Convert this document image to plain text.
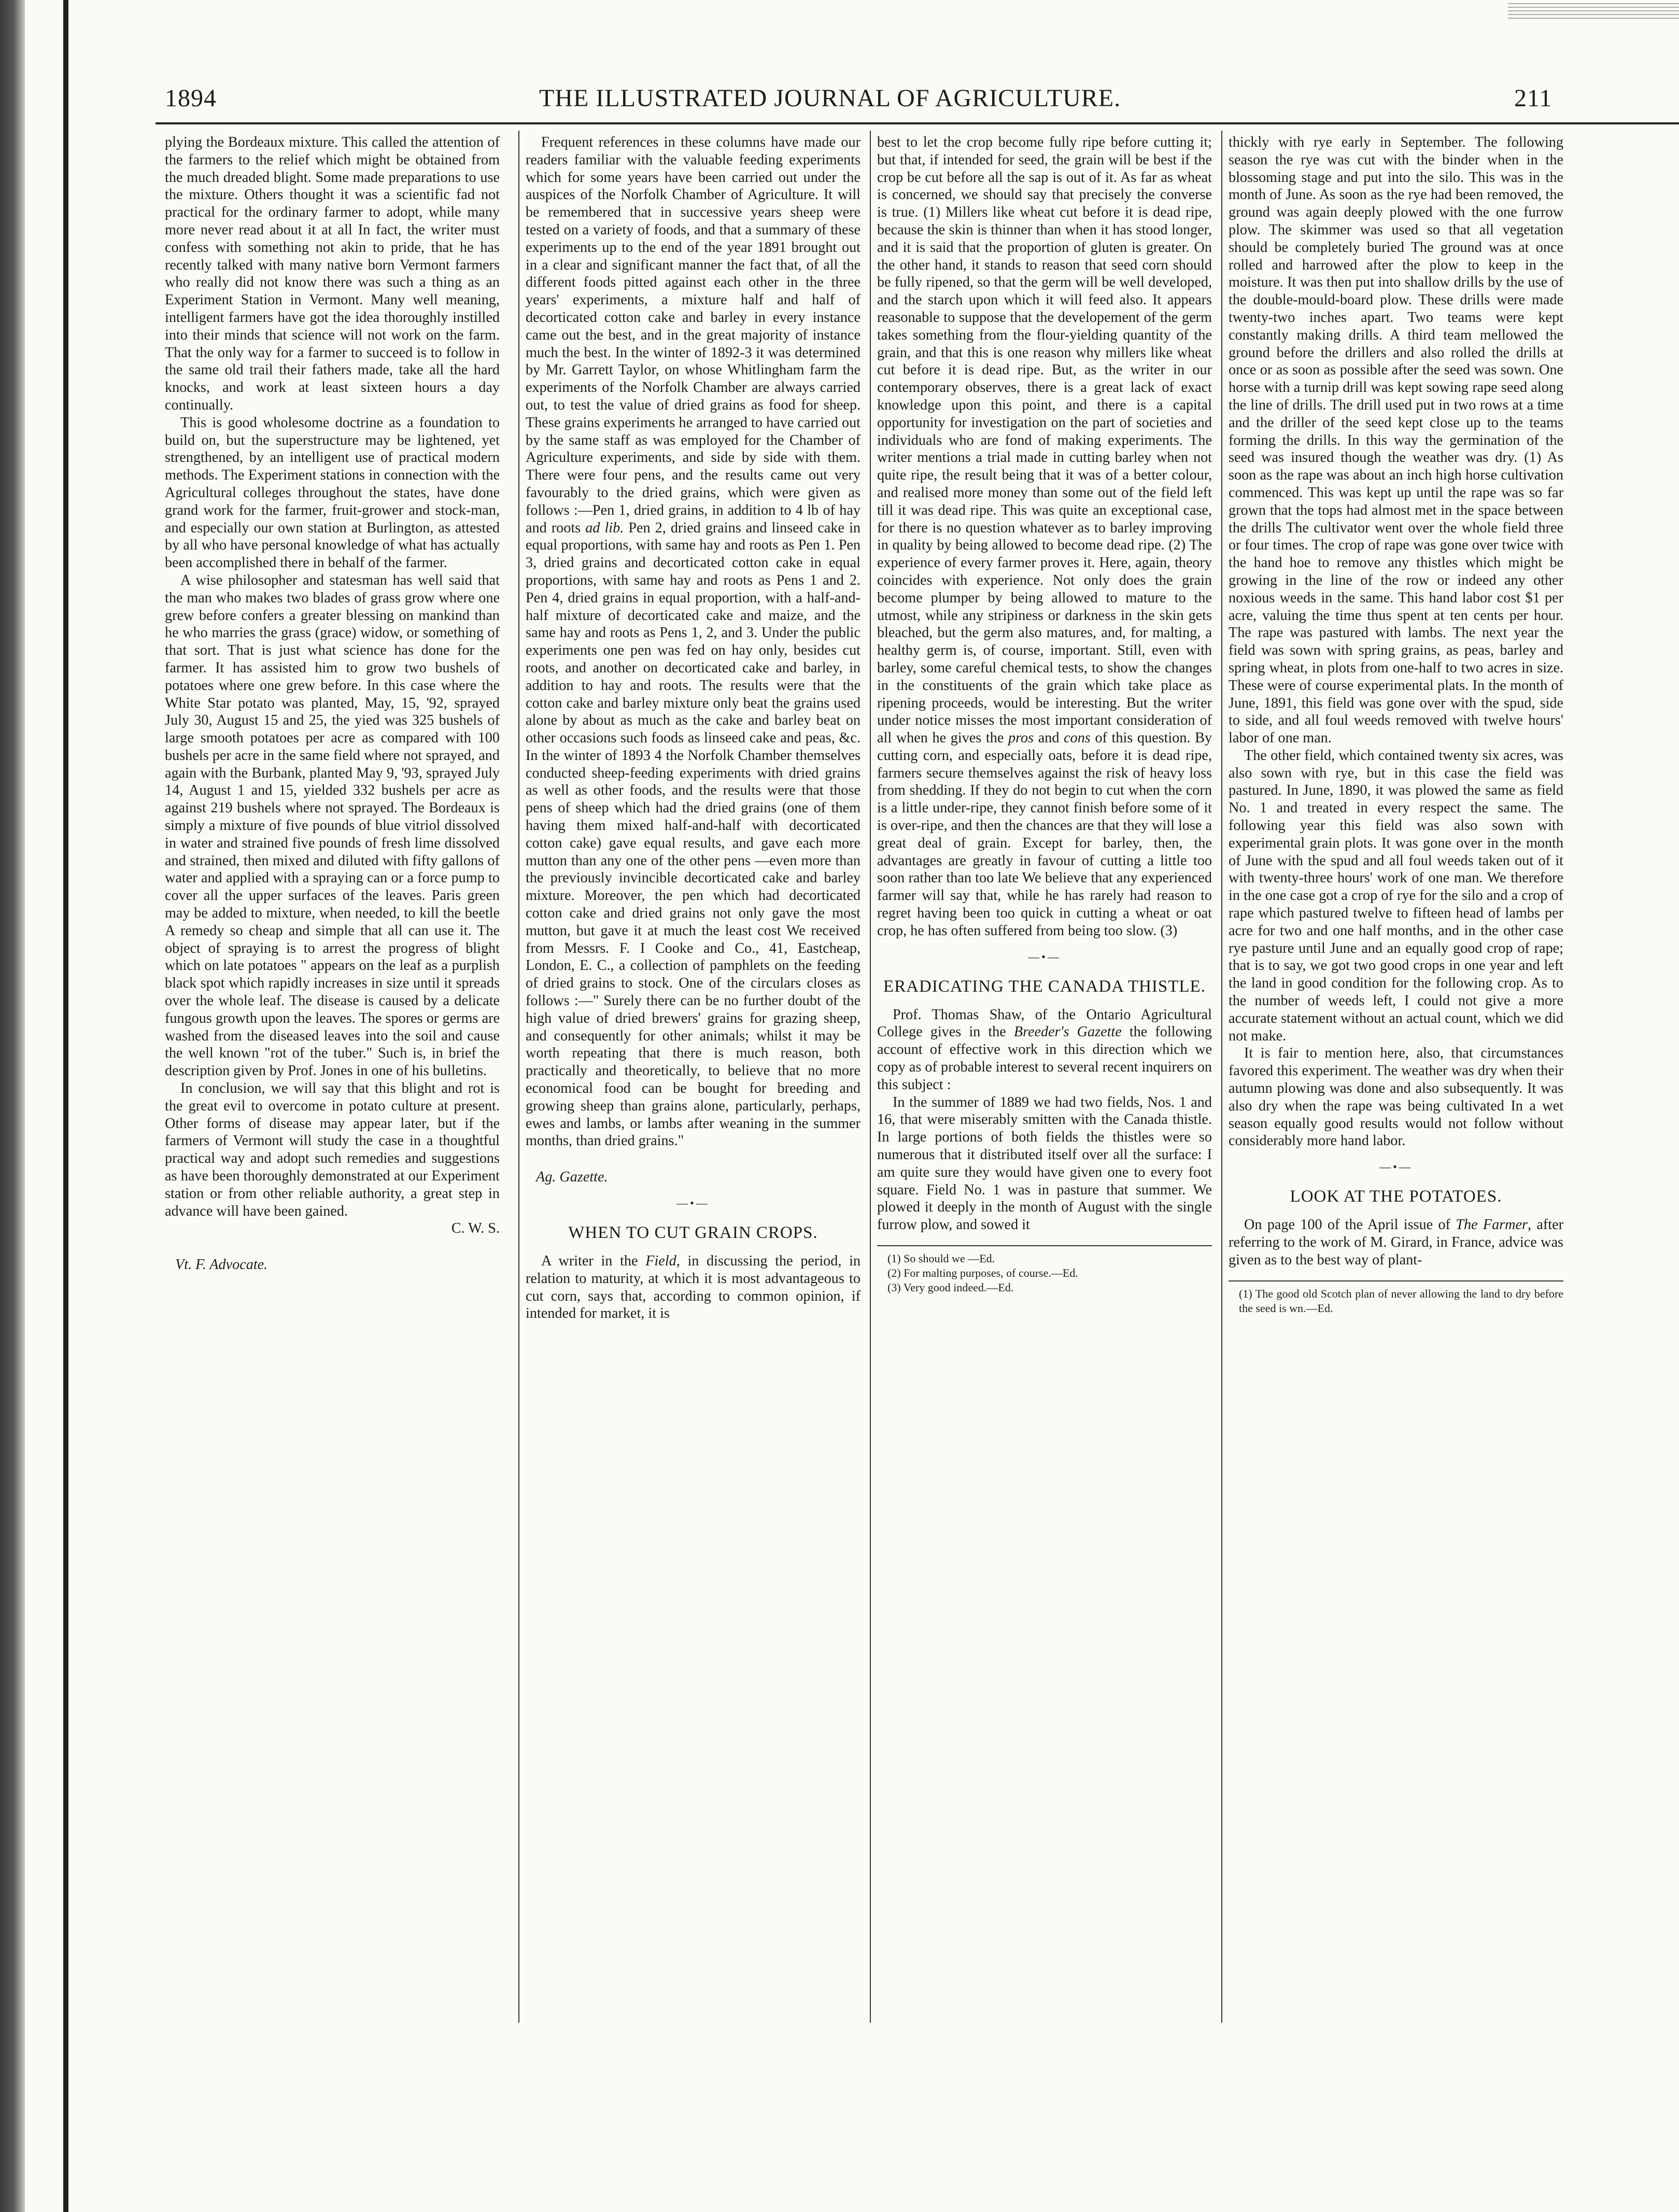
1894	THE ILLUSTRATED JOURNAL OF AGRICULTURE.	211

plying the Bordeaux mixture. This called the attention of the farmers to the relief which might be obtained from the much dreaded blight. Some made preparations to use the mixture. Others thought it was a scientific fad not practical for the ordinary farmer to adopt, while many more never read about it at all In fact, the writer must confess with something not akin to pride, that he has recently talked with many native born Vermont farmers who really did not know there was such a thing as an Experiment Station in Vermont. Many well meaning, intelligent farmers have got the idea thoroughly instilled into their minds that science will not work on the farm. That the only way for a farmer to succeed is to follow in the same old trail their fathers made, take all the hard knocks, and work at least sixteen hours a day continually.

This is good wholesome doctrine as a foundation to build on, but the superstructure may be lightened, yet strengthened, by an intelligent use of practical modern methods. The Experiment stations in connection with the Agricultural colleges throughout the states, have done grand work for the farmer, fruit-grower and stock-man, and especially our own station at Burlington, as attested by all who have personal knowledge of what has actually been accomplished there in behalf of the farmer.

A wise philosopher and statesman has well said that the man who makes two blades of grass grow where one grew before confers a greater blessing on mankind than he who marries the grass (grace) widow, or something of that sort. That is just what science has done for the farmer. It has assisted him to grow two bushels of potatoes where one grew before. In this case where the White Star potato was planted, May, 15, '92, sprayed July 30, August 15 and 25, the yied was 325 bushels of large smooth potatoes per acre as compared with 100 bushels per acre in the same field where not sprayed, and again with the Burbank, planted May 9, '93, sprayed July 14, August 1 and 15, yielded 332 bushels per acre as against 219 bushels where not sprayed. The Bordeaux is simply a mixture of five pounds of blue vitriol dissolved in water and strained five pounds of fresh lime dissolved and strained, then mixed and diluted with fifty gallons of water and applied with a spraying can or a force pump to cover all the upper surfaces of the leaves. Paris green may be added to mixture, when needed, to kill the beetle A remedy so cheap and simple that all can use it. The object of spraying is to arrest the progress of blight which on late potatoes " appears on the leaf as a purplish black spot which rapidly increases in size until it spreads over the whole leaf. The disease is caused by a delicate fungous growth upon the leaves. The spores or germs are washed from the diseased leaves into the soil and cause the well known "rot of the tuber." Such is, in brief the description given by Prof. Jones in one of his bulletins.

In conclusion, we will say that this blight and rot is the great evil to overcome in potato culture at present. Other forms of disease may appear later, but if the farmers of Vermont will study the case in a thoughtful practical way and adopt such remedies and suggestions as have been thoroughly demonstrated at our Experiment station or from other reliable authority, a great step in advance will have been gained.

C. W. S.

Vt. F. Advocate.

Frequent references in these columns have made our readers familiar with the valuable feeding experiments which for some years have been carried out under the auspices of the Norfolk Chamber of Agriculture. It will be remembered that in successive years sheep were tested on a variety of foods, and that a summary of these experiments up to the end of the year 1891 brought out in a clear and significant manner the fact that, of all the different foods pitted against each other in the three years' experiments, a mixture half and half of decorticated cotton cake and barley in every instance came out the best, and in the great majority of instance much the best. In the winter of 1892-3 it was determined by Mr. Garrett Taylor, on whose Whitlingham farm the experiments of the Norfolk Chamber are always carried out, to test the value of dried grains as food for sheep. These grains experiments he arranged to have carried out by the same staff as was employed for the Chamber of Agriculture experiments, and side by side with them. There were four pens, and the results came out very favourably to the dried grains, which were given as follows :—Pen 1, dried grains, in addition to 4 lb of hay and roots ad lib. Pen 2, dried grains and linseed cake in equal proportions, with same hay and roots as Pen 1. Pen 3, dried grains and decorticated cotton cake in equal proportions, with same hay and roots as Pens 1 and 2. Pen 4, dried grains in equal proportion, with a half-and-half mixture of decorticated cake and maize, and the same hay and roots as Pens 1, 2, and 3. Under the public experiments one pen was fed on hay only, besides cut roots, and another on decorticated cake and barley, in addition to hay and roots. The results were that the cotton cake and barley mixture only beat the grains used alone by about as much as the cake and barley beat on other occasions such foods as linseed cake and peas, &c. In the winter of 1893 4 the Norfolk Chamber themselves conducted sheep-feeding experiments with dried grains as well as other foods, and the results were that those pens of sheep which had the dried grains (one of them having them mixed half-and-half with decorticated cotton cake) gave equal results, and gave each more mutton than any one of the other pens —even more than the previously invincible decorticated cake and barley mixture. Moreover, the pen which had decorticated cotton cake and dried grains not only gave the most mutton, but gave it at much the least cost We received from Messrs. F. I Cooke and Co., 41, Eastcheap, London, E. C., a collection of pamphlets on the feeding of dried grains to stock. One of the circulars closes as follows :—" Surely there can be no further doubt of the high value of dried brewers' grains for grazing sheep, and consequently for other animals; whilst it may be worth repeating that there is much reason, both practically and theoretically, to believe that no more economical food can be bought for breeding and growing sheep than grains alone, particularly, perhaps, ewes and lambs, or lambs after weaning in the summer months, than dried grains."

Ag. Gazette.

—•—
WHEN TO CUT GRAIN CROPS.

A writer in the Field, in discussing the period, in relation to maturity, at which it is most advantageous to cut corn, says that, according to common opinion, if intended for market, it is

best to let the crop become fully ripe before cutting it; but that, if intended for seed, the grain will be best if the crop be cut before all the sap is out of it. As far as wheat is concerned, we should say that precisely the converse is true. (1) Millers like wheat cut before it is dead ripe, because the skin is thinner than when it has stood longer, and it is said that the proportion of gluten is greater. On the other hand, it stands to reason that seed corn should be fully ripened, so that the germ will be well developed, and the starch upon which it will feed also. It appears reasonable to suppose that the developement of the germ takes something from the flour-yielding quantity of the grain, and that this is one reason why millers like wheat cut before it is dead ripe. But, as the writer in our contemporary observes, there is a great lack of exact knowledge upon this point, and there is a capital opportunity for investigation on the part of societies and individuals who are fond of making experiments. The writer mentions a trial made in cutting barley when not quite ripe, the result being that it was of a better colour, and realised more money than some out of the field left till it was dead ripe. This was quite an exceptional case, for there is no question whatever as to barley improving in quality by being allowed to become dead ripe. (2) The experience of every farmer proves it. Here, again, theory coincides with experience. Not only does the grain become plumper by being allowed to mature to the utmost, while any stripiness or darkness in the skin gets bleached, but the germ also matures, and, for malting, a healthy germ is, of course, important. Still, even with barley, some careful chemical tests, to show the changes in the constituents of the grain which take place as ripening proceeds, would be interesting. But the writer under notice misses the most important consideration of all when he gives the pros and cons of this question. By cutting corn, and especially oats, before it is dead ripe, farmers secure themselves against the risk of heavy loss from shedding. If they do not begin to cut when the corn is a little under-ripe, they cannot finish before some of it is over-ripe, and then the chances are that they will lose a great deal of grain. Except for barley, then, the advantages are greatly in favour of cutting a little too soon rather than too late We believe that any experienced farmer will say that, while he has rarely had reason to regret having been too quick in cutting a wheat or oat crop, he has often suffered from being too slow. (3)

—•—
ERADICATING THE CANADA THISTLE.

Prof. Thomas Shaw, of the Ontario Agricultural College gives in the Breeder's Gazette the following account of effective work in this direction which we copy as of probable interest to several recent inquirers on this subject :

In the summer of 1889 we had two fields, Nos. 1 and 16, that were miserably smitten with the Canada thistle. In large portions of both fields the thistles were so numerous that it distributed itself over all the surface: I am quite sure they would have given one to every foot square. Field No. 1 was in pasture that summer. We plowed it deeply in the month of August with the single furrow plow, and sowed it

(1) So should we —Ed.

(2) For malting purposes, of course.—Ed.

(3) Very good indeed.—Ed.

thickly with rye early in September. The following season the rye was cut with the binder when in the blossoming stage and put into the silo. This was in the month of June. As soon as the rye had been removed, the ground was again deeply plowed with the one furrow plow. The skimmer was used so that all vegetation should be completely buried The ground was at once rolled and harrowed after the plow to keep in the moisture. It was then put into shallow drills by the use of the double-mould-board plow. These drills were made twenty-two inches apart. Two teams were kept constantly making drills. A third team mellowed the ground before the drillers and also rolled the drills at once or as soon as possible after the seed was sown. One horse with a turnip drill was kept sowing rape seed along the line of drills. The drill used put in two rows at a time and the driller of the seed kept close up to the teams forming the drills. In this way the germination of the seed was insured though the weather was dry. (1) As soon as the rape was about an inch high horse cultivation commenced. This was kept up until the rape was so far grown that the tops had almost met in the space between the drills The cultivator went over the whole field three or four times. The crop of rape was gone over twice with the hand hoe to remove any thistles which might be growing in the line of the row or indeed any other noxious weeds in the same. This hand labor cost $1 per acre, valuing the time thus spent at ten cents per hour. The rape was pastured with lambs. The next year the field was sown with spring grains, as peas, barley and spring wheat, in plots from one-half to two acres in size. These were of course experimental plats. In the month of June, 1891, this field was gone over with the spud, side to side, and all foul weeds removed with twelve hours' labor of one man.

The other field, which contained twenty six acres, was also sown with rye, but in this case the field was pastured. In June, 1890, it was plowed the same as field No. 1 and treated in every respect the same. The following year this field was also sown with experimental grain plots. It was gone over in the month of June with the spud and all foul weeds taken out of it with twenty-three hours' work of one man. We therefore in the one case got a crop of rye for the silo and a crop of rape which pastured twelve to fifteen head of lambs per acre for two and one half months, and in the other case rye pasture until June and an equally good crop of rape; that is to say, we got two good crops in one year and left the land in good condition for the following crop. As to the number of weeds left, I could not give a more accurate statement without an actual count, which we did not make.

It is fair to mention here, also, that circumstances favored this experiment. The weather was dry when their autumn plowing was done and also subsequently. It was also dry when the rape was being cultivated In a wet season equally good results would not follow without considerably more hand labor.

—•—
LOOK AT THE POTATOES.

On page 100 of the April issue of The Farmer, after referring to the work of M. Girard, in France, advice was given as to the best way of plant-

(1) The good old Scotch plan of never allowing the land to dry before the seed is wn.—Ed.
